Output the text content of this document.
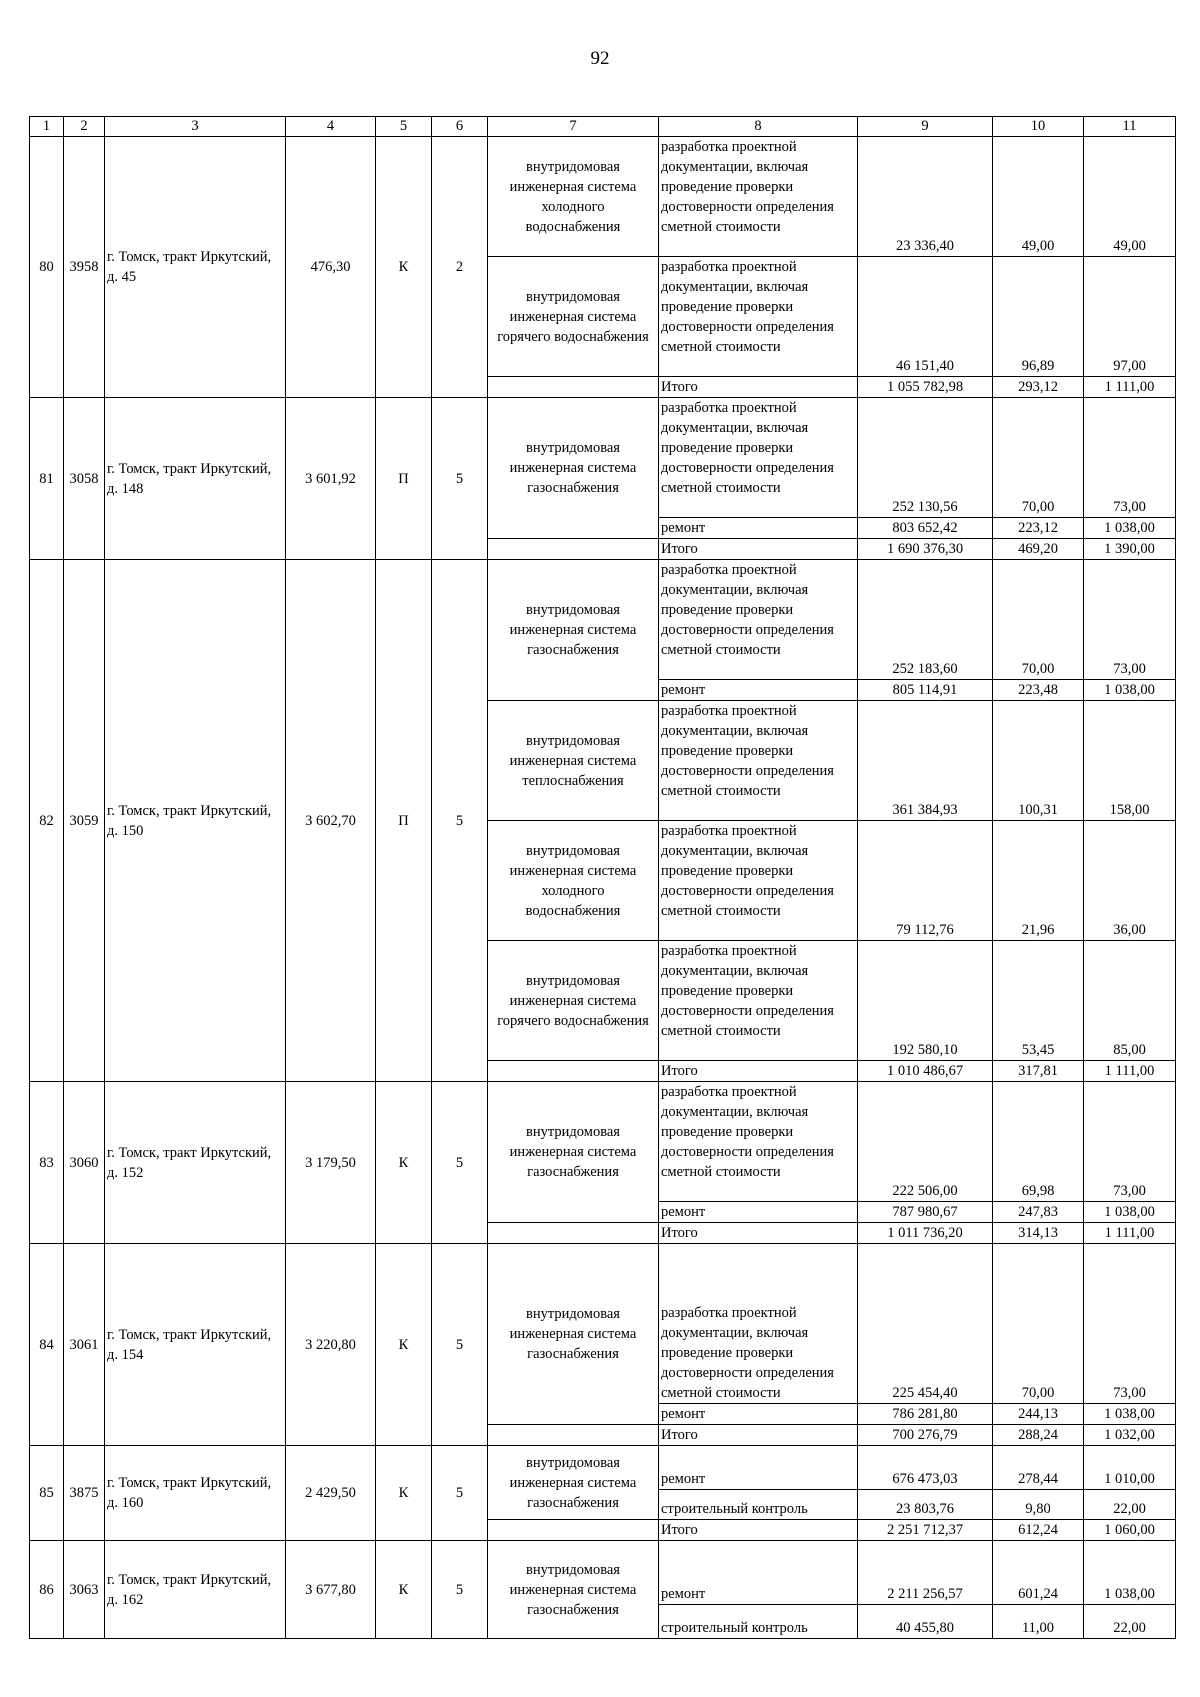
92
1	2	3	4	5	6	7	8	9	10	11
80	3958	г. Томск, тракт Иркутский, д. 45	476,30	К	2	внутридомовая инженерная система холодного водоснабжения	разработка проектной документации, включая проведение проверки достоверности определения сметной стоимости	23 336,40	49,00	49,00
						внутридомовая инженерная система горячего водоснабжения	разработка проектной документации, включая проведение проверки достоверности определения сметной стоимости	46 151,40	96,89	97,00
							Итого	1 055 782,98	293,12	1 111,00
81	3058	г. Томск, тракт Иркутский, д. 148	3 601,92	П	5	внутридомовая инженерная система газоснабжения	разработка проектной документации, включая проведение проверки достоверности определения сметной стоимости	252 130,56	70,00	73,00
							ремонт	803 652,42	223,12	1 038,00
							Итого	1 690 376,30	469,20	1 390,00
82	3059	г. Томск, тракт Иркутский, д. 150	3 602,70	П	5	внутридомовая инженерная система газоснабжения	разработка проектной документации, включая проведение проверки достоверности определения сметной стоимости	252 183,60	70,00	73,00
							ремонт	805 114,91	223,48	1 038,00
						внутридомовая инженерная система теплоснабжения	разработка проектной документации, включая проведение проверки достоверности определения сметной стоимости	361 384,93	100,31	158,00
						внутридомовая инженерная система холодного водоснабжения	разработка проектной документации, включая проведение проверки достоверности определения сметной стоимости	79 112,76	21,96	36,00
						внутридомовая инженерная система горячего водоснабжения	разработка проектной документации, включая проведение проверки достоверности определения сметной стоимости	192 580,10	53,45	85,00
							Итого	1 010 486,67	317,81	1 111,00
83	3060	г. Томск, тракт Иркутский, д. 152	3 179,50	К	5	внутридомовая инженерная система газоснабжения	разработка проектной документации, включая проведение проверки достоверности определения сметной стоимости	222 506,00	69,98	73,00
							ремонт	787 980,67	247,83	1 038,00
							Итого	1 011 736,20	314,13	1 111,00
84	3061	г. Томск, тракт Иркутский, д. 154	3 220,80	К	5	внутридомовая инженерная система газоснабжения	разработка проектной документации, включая проведение проверки достоверности определения сметной стоимости	225 454,40	70,00	73,00
							ремонт	786 281,80	244,13	1 038,00
							Итого	700 276,79	288,24	1 032,00
85	3875	г. Томск, тракт Иркутский, д. 160	2 429,50	К	5	внутридомовая инженерная система газоснабжения	ремонт	676 473,03	278,44	1 010,00
							строительный контроль	23 803,76	9,80	22,00
							Итого	2 251 712,37	612,24	1 060,00
86	3063	г. Томск, тракт Иркутский, д. 162	3 677,80	К	5	внутридомовая инженерная система газоснабжения	ремонт	2 211 256,57	601,24	1 038,00
							строительный контроль	40 455,80	11,00	22,00
